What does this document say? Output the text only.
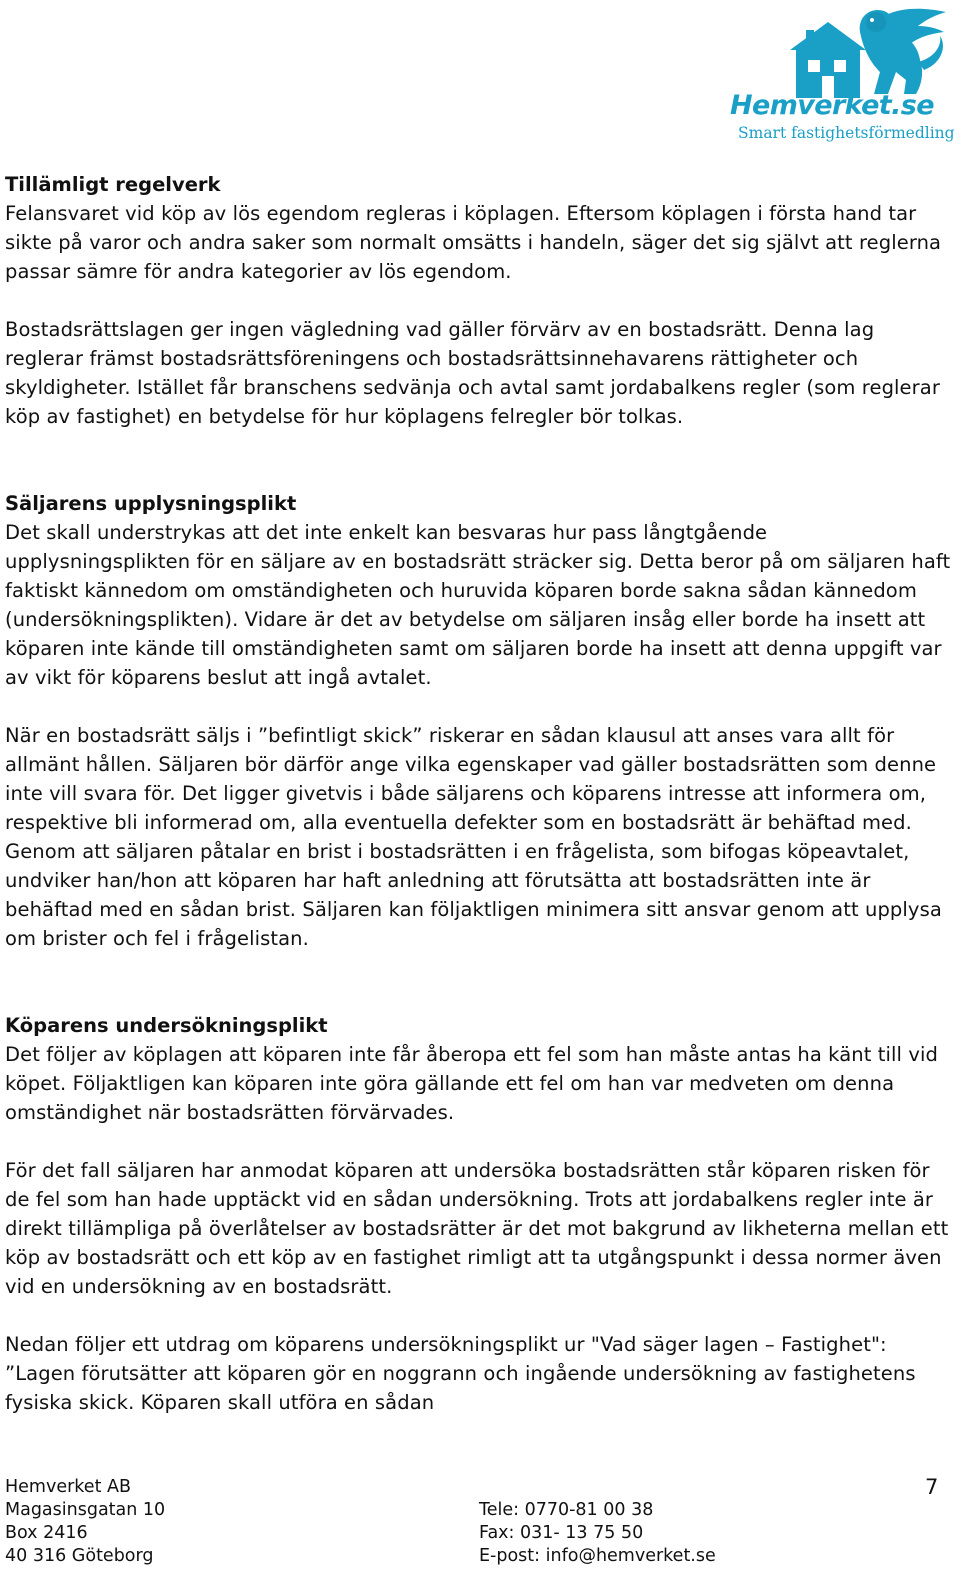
Hemverket.se
Smart fastighetsförmedling
Tillämligt regelverk

Felansvaret vid köp av lös egendom regleras i köplagen. Eftersom köplagen i första hand tar sikte på varor och andra saker som normalt omsätts i handeln, säger det sig självt att reglerna passar sämre för andra kategorier av lös egendom.

Bostadsrättslagen ger ingen vägledning vad gäller förvärv av en bostadsrätt. Denna lag reglerar främst bostadsrättsföreningens och bostadsrättsinnehavarens rättigheter och skyldigheter. Istället får branschens sedvänja och avtal samt jordabalkens regler (som reglerar köp av fastighet) en betydelse för hur köplagens felregler bör tolkas.

Säljarens upplysningsplikt

Det skall understrykas att det inte enkelt kan besvaras hur pass långtgående upplysningsplikten för en säljare av en bostadsrätt sträcker sig. Detta beror på om säljaren haft faktiskt kännedom om omständigheten och huruvida köparen borde sakna sådan kännedom (undersökningsplikten). Vidare är det av betydelse om säljaren insåg eller borde ha insett att köparen inte kände till omständigheten samt om säljaren borde ha insett att denna uppgift var av vikt för köparens beslut att ingå avtalet.

När en bostadsrätt säljs i ”befintligt skick” riskerar en sådan klausul att anses vara allt för allmänt hållen. Säljaren bör därför ange vilka egenskaper vad gäller bostadsrätten som denne inte vill svara för. Det ligger givetvis i både säljarens och köparens intresse att informera om, respektive bli informerad om, alla eventuella defekter som en bostadsrätt är behäftad med. Genom att säljaren påtalar en brist i bostadsrätten i en frågelista, som bifogas köpeavtalet, undviker han/hon att köparen har haft anledning att förutsätta att bostadsrätten inte är behäftad med en sådan brist. Säljaren kan följaktligen minimera sitt ansvar genom att upplysa om brister och fel i frågelistan.

Köparens undersökningsplikt

Det följer av köplagen att köparen inte får åberopa ett fel som han måste antas ha känt till vid köpet. Följaktligen kan köparen inte göra gällande ett fel om han var medveten om denna omständighet när bostadsrätten förvärvades.

För det fall säljaren har anmodat köparen att undersöka bostadsrätten står köparen risken för de fel som han hade upptäckt vid en sådan undersökning. Trots att jordabalkens regler inte är direkt tillämpliga på överlåtelser av bostadsrätter är det mot bakgrund av likheterna mellan ett köp av bostadsrätt och ett köp av en fastighet rimligt att ta utgångspunkt i dessa normer även vid en undersökning av en bostadsrätt.

Nedan följer ett utdrag om köparens undersökningsplikt ur "Vad säger lagen – Fastighet": ”Lagen förutsätter att köparen gör en noggrann och ingående undersökning av fastighetens fysiska skick. Köparen skall utföra en sådan

Hemverket AB
Magasinsgatan 10
Box 2416
40 316 Göteborg
Tele: 0770-81 00 38
Fax: 031- 13 75 50
E-post: info@hemverket.se
7
